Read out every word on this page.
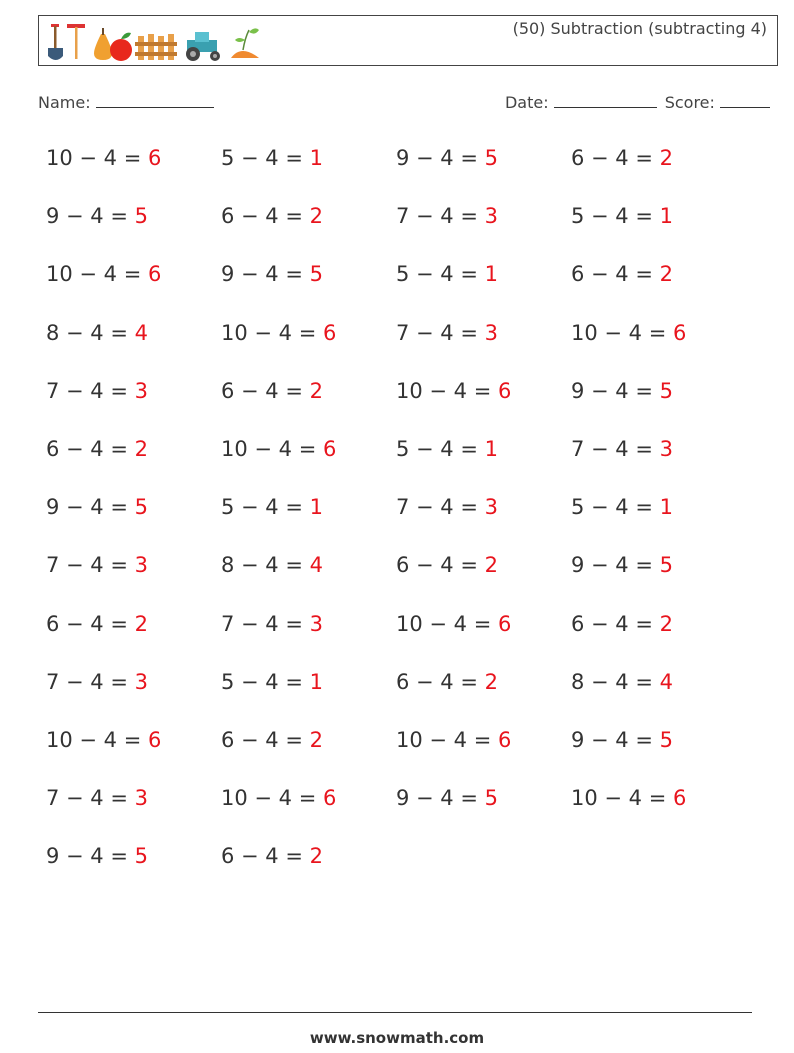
(50) Subtraction (subtracting 4)
Name:	Date:	Score:
10 − 4 = 6	5 − 4 = 1	9 − 4 = 5	6 − 4 = 2
9 − 4 = 5	6 − 4 = 2	7 − 4 = 3	5 − 4 = 1
10 − 4 = 6	9 − 4 = 5	5 − 4 = 1	6 − 4 = 2
8 − 4 = 4	10 − 4 = 6	7 − 4 = 3	10 − 4 = 6
7 − 4 = 3	6 − 4 = 2	10 − 4 = 6	9 − 4 = 5
6 − 4 = 2	10 − 4 = 6	5 − 4 = 1	7 − 4 = 3
9 − 4 = 5	5 − 4 = 1	7 − 4 = 3	5 − 4 = 1
7 − 4 = 3	8 − 4 = 4	6 − 4 = 2	9 − 4 = 5
6 − 4 = 2	7 − 4 = 3	10 − 4 = 6	6 − 4 = 2
7 − 4 = 3	5 − 4 = 1	6 − 4 = 2	8 − 4 = 4
10 − 4 = 6	6 − 4 = 2	10 − 4 = 6	9 − 4 = 5
7 − 4 = 3	10 − 4 = 6	9 − 4 = 5	10 − 4 = 6
9 − 4 = 5	6 − 4 = 2
www.snowmath.com
